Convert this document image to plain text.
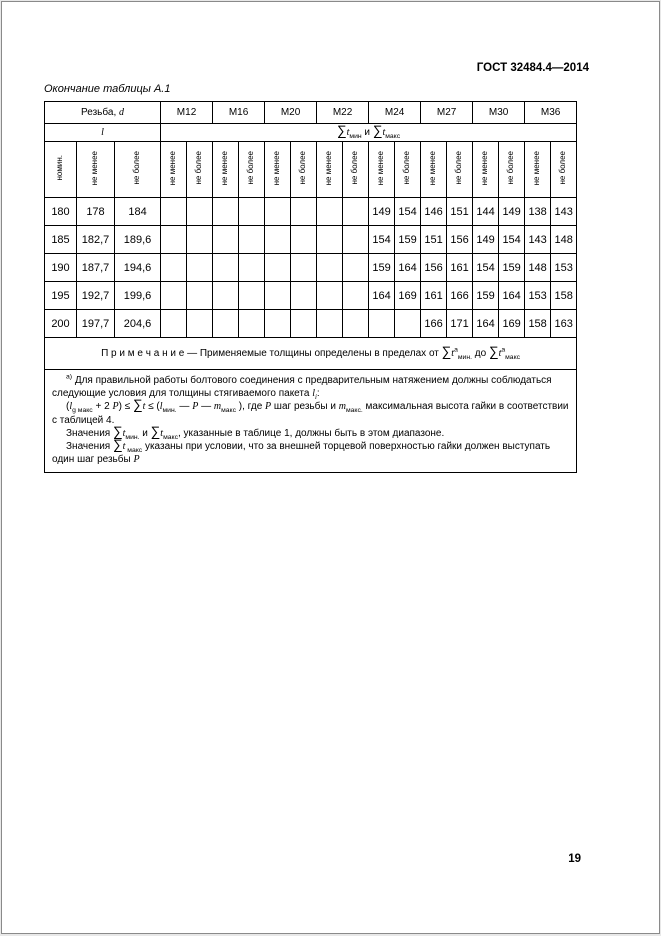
ГОСТ 32484.4—2014
Окончание таблицы А.1
Резьба, d			М12		М16		М20		М22		М24		М27		М30		М36	
l			$\sum t_{мин}$ и $\sum t_{макс}$
номин.	не менее	не более	не менее	не более	не менее	не более	не менее	не более	не менее	не более	не менее	не более	не менее	не более	не менее	не более	не менее	не более
180	178	184									149	154	146	151	144	149	138	143
185	182,7	189,6									154	159	151	156	149	154	143	148
190	187,7	194,6									159	164	156	161	154	159	148	153
195	192,7	199,6									164	169	161	166	159	164	153	158
200	197,7	204,6											166	171	164	169	158	163
П р и м е ч а н и е — Применяемые толщины определены в пределах от $\sum t^а_{мин.}$ до $\sum t^а_{макс}$

$^{а)}$ Для правильной работы болтового соединения с предварительным натяжением должны соблюдаться следующие условия для толщины стягиваемого пакета $l_i$:

($l_{g макс} + 2$ $Р) \le \sum t \le (l_{мин.}$ — Р — $m_{макс}$ ), где Р шаг резьбы и $m_{макс.}$ максимальная высота гайки в соответствии с таблицей 4.

Значения $\sum t_{мин.}$ и $\sum t_{макс}$, указанные в таблице 1, должны быть в этом диапазоне.

Значения ∑t $_{макс}$ указаны при условии, что за внешней торцевой поверхностью гайки должен выступать один шаг резьбы Р																		

19
